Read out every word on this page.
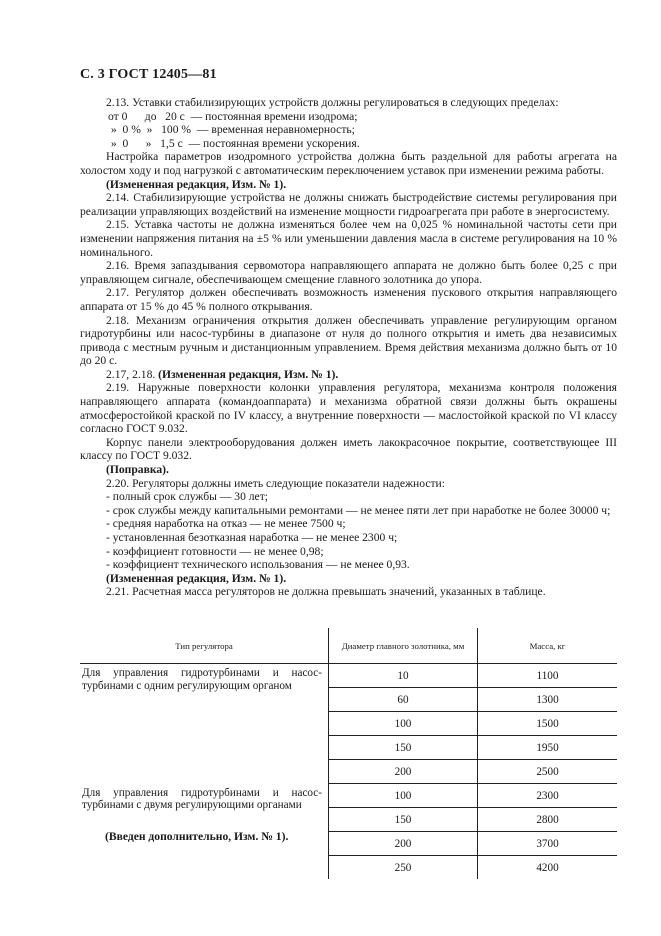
С. 3 ГОСТ 12405—81

2.13. Уставки стабилизирующих устройств должны регулироваться в следующих пределах:

от 0      до   20 с  — постоянная времени изодрома;
»  0 %  »   100 %  — временная неравномерность;
»  0      »   1,5 с  — постоянная времени ускорения.

Настройка параметров изодромного устройства должна быть раздельной для работы агрегата на холостом ходу и под нагрузкой с автоматическим переключением уставок при изменении режима работы.

(Измененная редакция, Изм. № 1).

2.14. Стабилизирующие устройства не должны снижать быстродействие системы регулирования при реализации управляющих воздействий на изменение мощности гидроагрегата при работе в энергосистему.

2.15. Уставка частоты не должна изменяться более чем на 0,025 % номинальной частоты сети при изменении напряжения питания на ±5 % или уменьшении давления масла в системе регулирования на 10 % номинального.

2.16. Время запаздывания сервомотора направляющего аппарата не должно быть более 0,25 с при управляющем сигнале, обеспечивающем смещение главного золотника до упора.

2.17. Регулятор должен обеспечивать возможность изменения пускового открытия направляющего аппарата от 15 % до 45 % полного открывания.

2.18. Механизм ограничения открытия должен обеспечивать управление регулирующим органом гидротурбины или насос-турбины в диапазоне от нуля до полного открытия и иметь два независимых привода с местным ручным и дистанционным управлением. Время действия механизма должно быть от 10 до 20 с.

2.17, 2.18. (Измененная редакция, Изм. № 1).

2.19. Наружные поверхности колонки управления регулятора, механизма контроля положения направляющего аппарата (командоаппарата) и механизма обратной связи должны быть окрашены атмосферостойкой краской по IV классу, а внутренние поверхности — маслостойкой краской по VI классу согласно ГОСТ 9.032.

Корпус панели электрооборудования должен иметь лакокрасочное покрытие, соответствующее III классу по ГОСТ 9.032.

(Поправка).

2.20. Регуляторы должны иметь следующие показатели надежности:

- полный срок службы — 30 лет;

- срок службы между капитальными ремонтами — не менее пяти лет при наработке не более 30000 ч;

- средняя наработка на отказ — не менее 7500 ч;

- установленная безотказная наработка — не менее 2300 ч;

- коэффициент готовности — не менее 0,98;

- коэффициент технического использования — не менее 0,93.

(Измененная редакция, Изм. № 1).

2.21. Расчетная масса регуляторов не должна превышать значений, указанных в таблице.

Тип регулятора	Диаметр главного золотника, мм	Масса, кг
Для управления гидротурбинами и насос-турбинами с одним регулирующим органом	10	1100
	60	1300
	100	1500
	150	1950
	200	2500
Для управления гидротурбинами и насос-турбинами с двумя регулирующими органами	100	2300
	150	2800
	200	3700
	250	4200
(Введен дополнительно, Изм. № 1).
